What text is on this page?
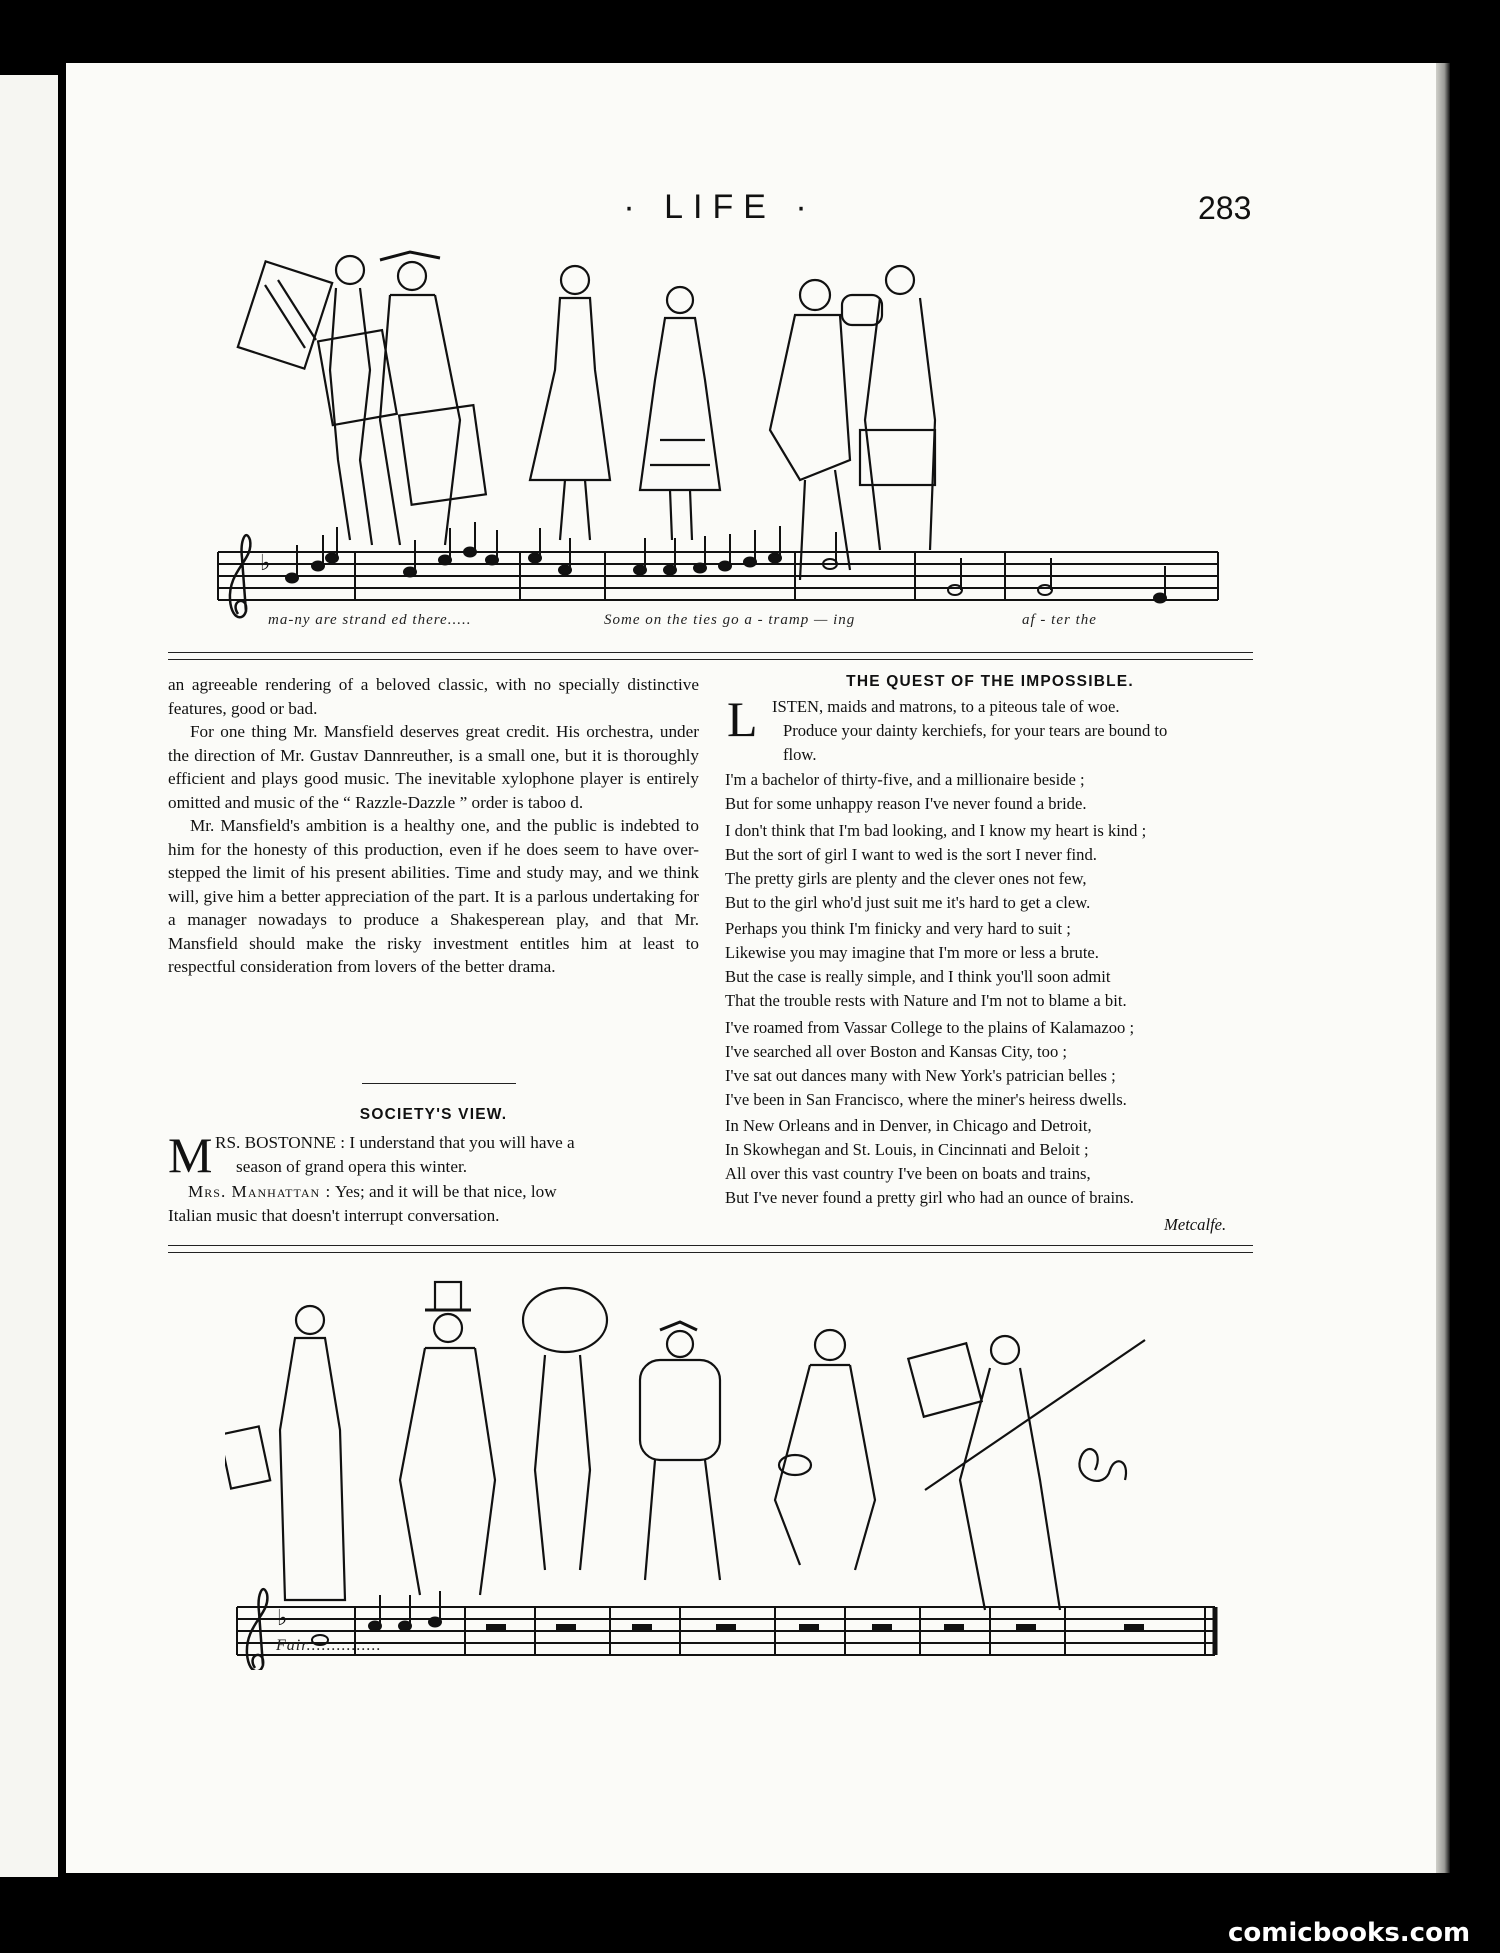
· LIFE ·	283
♭
ma-ny are strand ed there.....	Some on the ties go a - tramp — ing	af - ter the

an agreeable rendering of a beloved classic, with no specially distinctive features, good or bad.

For one thing Mr. Mansfield deserves great credit. His orchestra, under the direction of Mr. Gustav Dannreuther, is a small one, but it is thoroughly efficient and plays good music. The inevitable xylophone player is entirely omitted and music of the “ Razzle-Dazzle ” order is taboo d.

Mr. Mansfield's ambition is a healthy one, and the public is indebted to him for the honesty of this production, even if he does seem to have over-stepped the limit of his present abilities. Time and study may, and we think will, give him a better appreciation of the part. It is a parlous undertaking for a manager nowadays to produce a Shakesperean play, and that Mr. Mansfield should make the risky investment entitles him at least to respectful consideration from lovers of the better drama.

SOCIETY'S VIEW.
M RS. BOSTONNE : I understand that you will have a
season of grand opera this winter.
Mrs. Manhattan : Yes; and it will be that nice, low
Italian music that doesn't interrupt conversation.
THE QUEST OF THE IMPOSSIBLE.
L ISTEN, maids and matrons, to a piteous tale of woe.
Produce your dainty kerchiefs, for your tears are bound to
flow.
I'm a bachelor of thirty-five, and a millionaire beside ;
But for some unhappy reason I've never found a bride.
I don't think that I'm bad looking, and I know my heart is kind ;
But the sort of girl I want to wed is the sort I never find.
The pretty girls are plenty and the clever ones not few,
But to the girl who'd just suit me it's hard to get a clew.
Perhaps you think I'm finicky and very hard to suit ;
Likewise you may imagine that I'm more or less a brute.
But the case is really simple, and I think you'll soon admit
That the trouble rests with Nature and I'm not to blame a bit.
I've roamed from Vassar College to the plains of Kalamazoo ;
I've searched all over Boston and Kansas City, too ;
I've sat out dances many with New York's patrician belles ;
I've been in San Francisco, where the miner's heiress dwells.
In New Orleans and in Denver, in Chicago and Detroit,
In Skowhegan and St. Louis, in Cincinnati and Beloit ;
All over this vast country I've been on boats and trains,
But I've never found a pretty girl who had an ounce of brains.
Metcalfe.
♭
Fair...............
comicbooks.com
